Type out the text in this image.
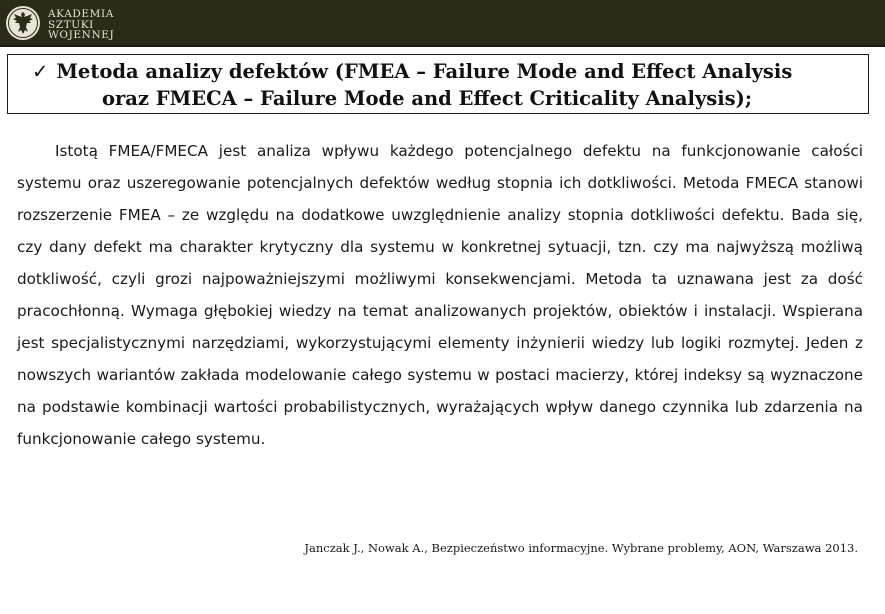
AKADEMIA
SZTUKI
WOJENNEJ
✓ Metoda analizy defektów (FMEA – Failure Mode and Effect Analysis
oraz FMECA – Failure Mode and Effect Criticality Analysis);

Istotą FMEA/FMECA jest analiza wpływu każdego potencjalnego defektu na funkcjonowanie całości systemu oraz uszeregowanie potencjalnych defektów według stopnia ich dotkliwości. Metoda FMECA stanowi rozszerzenie FMEA – ze względu na dodatkowe uwzględnienie analizy stopnia dotkliwości defektu. Bada się, czy dany defekt ma charakter krytyczny dla systemu w konkretnej sytuacji, tzn. czy ma najwyższą możliwą dotkliwość, czyli grozi najpoważniejszymi możliwymi konsekwencjami. Metoda ta uznawana jest za dość pracochłonną. Wymaga głębokiej wiedzy na temat analizowanych projektów, obiektów i instalacji. Wspierana jest specjalistycznymi narzędziami, wykorzystującymi elementy inżynierii wiedzy lub logiki rozmytej. Jeden z nowszych wariantów zakłada modelowanie całego systemu w postaci macierzy, której indeksy są wyznaczone na podstawie kombinacji wartości probabilistycznych, wyrażających wpływ danego czynnika lub zdarzenia na funkcjonowanie całego systemu.

Janczak J., Nowak A., Bezpieczeństwo informacyjne. Wybrane problemy, AON, Warszawa 2013.
